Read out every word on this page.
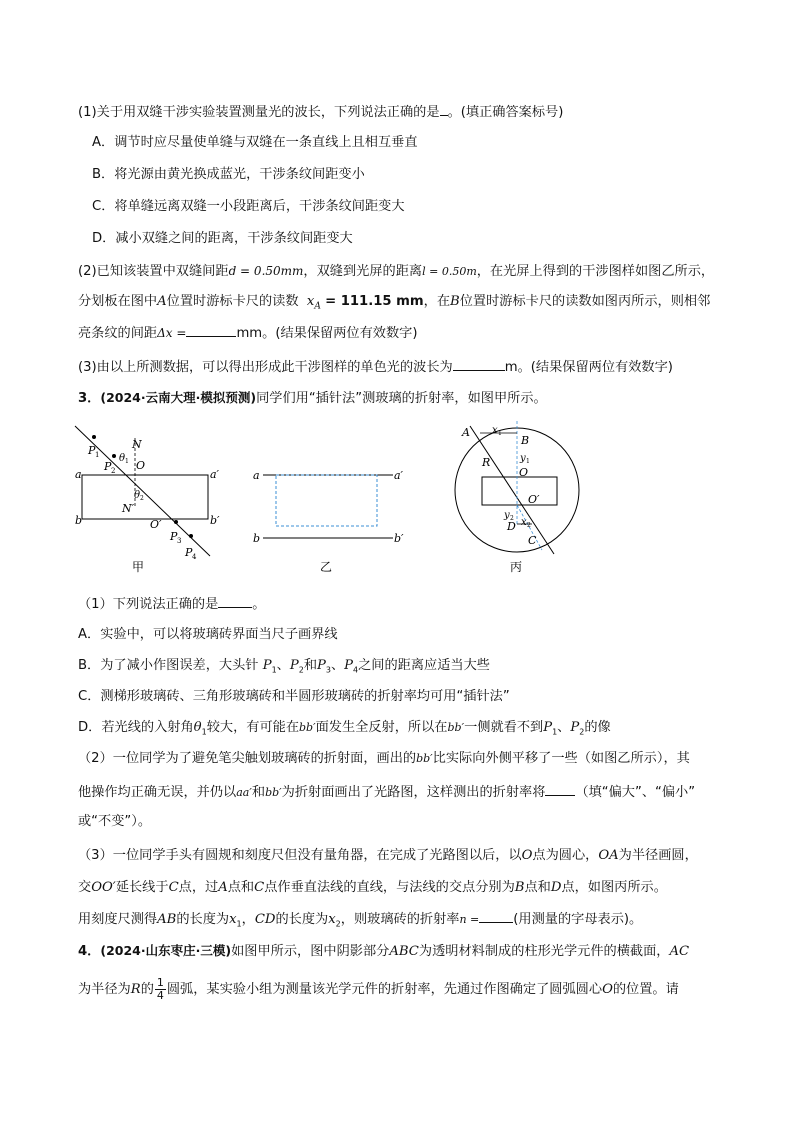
(1)关于用双缝干涉实验装置测量光的波长，下列说法正确的是 。(填正确答案标号)
A．调节时应尽量使单缝与双缝在一条直线上且相互垂直
B．将光源由黄光换成蓝光，干涉条纹间距变小
C．将单缝远离双缝一小段距离后，干涉条纹间距变大
D．减小双缝之间的距离，干涉条纹间距变大
(2)已知该装置中双缝间距d = 0.50mm，双缝到光屏的距离l = 0.50m，在光屏上得到的干涉图样如图乙所示，
分划板在图中A位置时游标卡尺的读数 $x_A = 111.15$ mm，在B位置时游标卡尺的读数如图丙所示，则相邻
亮条纹的间距Δx =	mm。(结果保留两位有效数字)
(3)由以上所测数据，可以得出形成此干涉图样的单色光的波长为	m。(结果保留两位有效数字)
3．(2024·云南大理·模拟预测)同学们用“插针法”测玻璃的折射率，如图甲所示。
a
b
a′
b′
P 1
P 2
N
θ 1 O
θ 2
N′
O′
P 3
P 4
甲
a
b
a′
b′
乙
A x 1
B
y 1
R
O
O′
y 2
D x 2
C
丙
（1）下列说法正确的是	。
A．实验中，可以将玻璃砖界面当尺子画界线
B．为了减小作图误差，大头针 $P_1$、$P_2$和$P_3$、$P_4$之间的距离应适当大些
C．测梯形玻璃砖、三角形玻璃砖和半圆形玻璃砖的折射率均可用“插针法”
D．若光线的入射角$\theta_1$较大，有可能在bb′面发生全反射，所以在bb′一侧就看不到$P_1$、$P_2$的像
（2）一位同学为了避免笔尖触划玻璃砖的折射面，画出的bb′比实际向外侧平移了一些（如图乙所示），其
他操作均正确无误，并仍以aa′和bb′为折射面画出了光路图，这样测出的折射率将 （填“偏大”、“偏小”
或“不变”）。
（3）一位同学手头有圆规和刻度尺但没有量角器，在完成了光路图以后，以O点为圆心，OA为半径画圆，
交OO′延长线于C点，过A点和C点作垂直法线的直线，与法线的交点分别为B点和D点，如图丙所示。
用刻度尺测得AB的长度为$x_1$，CD的长度为$x_2$，则玻璃砖的折射率n =	(用测量的字母表示)。
4．(2024·山东枣庄·三模)如图甲所示，图中阴影部分ABC为透明材料制成的柱形光学元件的横截面，AC
为半径为R的 $\frac{1}{4}$ 圆弧，某实验小组为测量该光学元件的折射率，先通过作图确定了圆弧圆心O的位置。请
